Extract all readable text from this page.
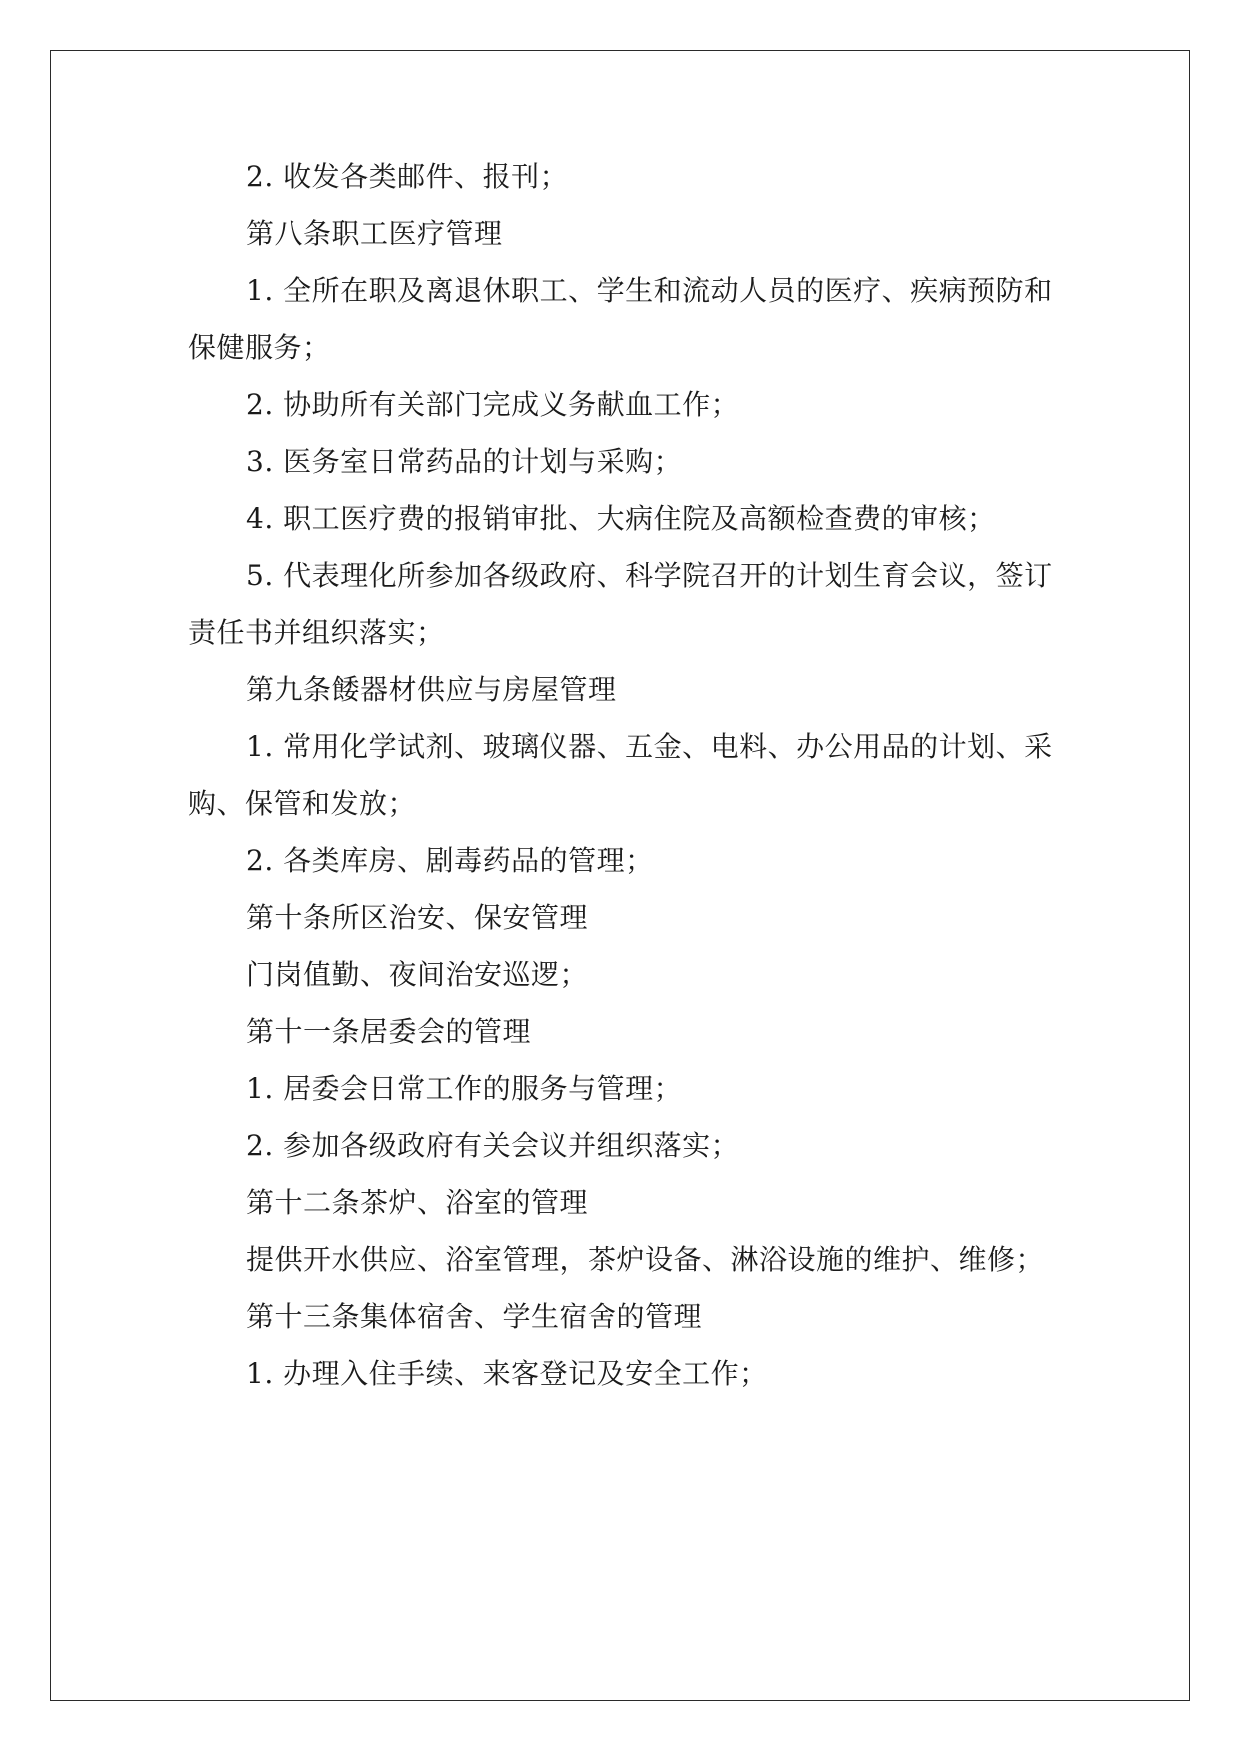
2. 收发各类邮件、报刊；
第八条职工医疗管理
1. 全所在职及离退休职工、学生和流动人员的医疗、疾病预防和
保健服务；
2. 协助所有关部门完成义务献血工作；
3. 医务室日常药品的计划与采购；
4. 职工医疗费的报销审批、大病住院及高额检查费的审核；
5. 代表理化所参加各级政府、科学院召开的计划生育会议，签订
责任书并组织落实；
第九条餧器材供应与房屋管理
1. 常用化学试剂、玻璃仪器、五金、电料、办公用品的计划、采
购、保管和发放；
2. 各类库房、剧毒药品的管理；
第十条所区治安、保安管理
门岗值勤、夜间治安巡逻；
第十一条居委会的管理
1. 居委会日常工作的服务与管理；
2. 参加各级政府有关会议并组织落实；
第十二条茶炉、浴室的管理
提供开水供应、浴室管理，茶炉设备、淋浴设施的维护、维修；
第十三条集体宿舍、学生宿舍的管理
1. 办理入住手续、来客登记及安全工作；
